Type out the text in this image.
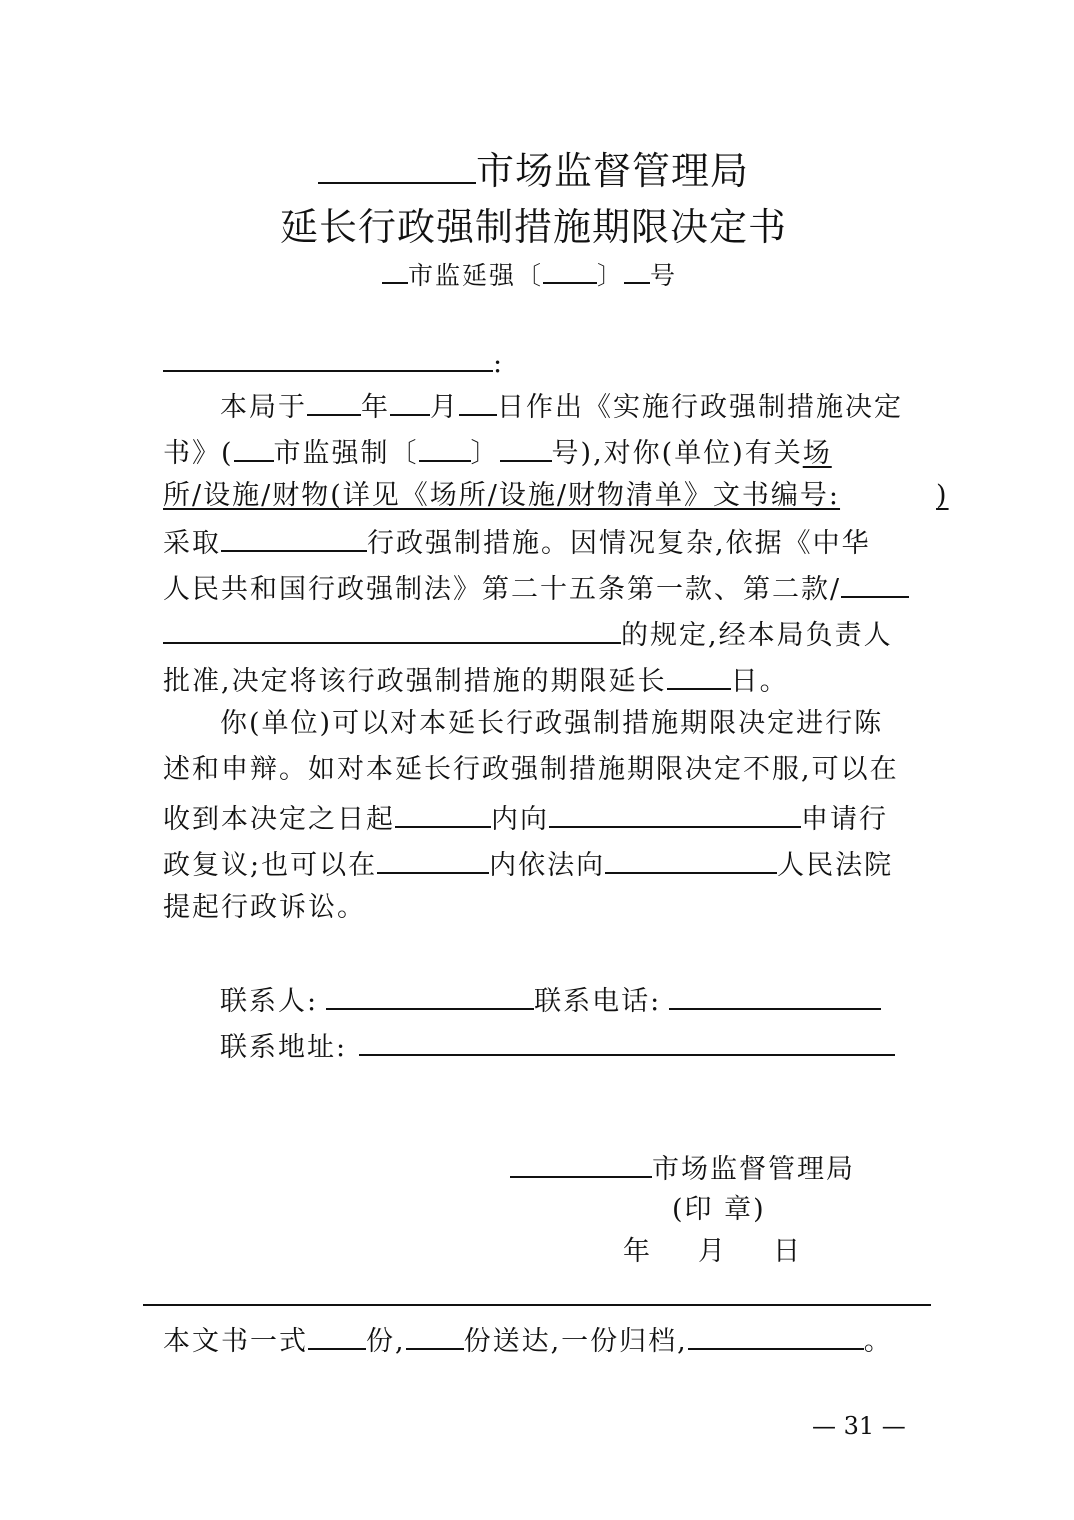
市场监督管理局
延长行政强制措施期限决定书
市监延强〔 〕 号
:
本局于 年 月 日作出《实施行政强制措施决定
书》( 市监强制〔 〕 号),对你(单位)有关场
所/设施/财物(详见《场所/设施/财物清单》文书编号:	)
采取	行政强制措施。因情况复杂,依据《中华
人民共和国行政强制法》第二十五条第一款、第二款/
的规定,经本局负责人
批准,决定将该行政强制措施的期限延长 日。
你(单位)可以对本延长行政强制措施期限决定进行陈
述和申辩。如对本延长行政强制措施期限决定不服,可以在
收到本决定之日起	内向	申请行
政复议;也可以在	内依法向	人民法院
提起行政诉讼。
联系人:	联系电话:
联系地址:
市场监督管理局
(印 章)
年 月 日
本文书一式 份, 份送达,一份归档,	。
— 31 —
